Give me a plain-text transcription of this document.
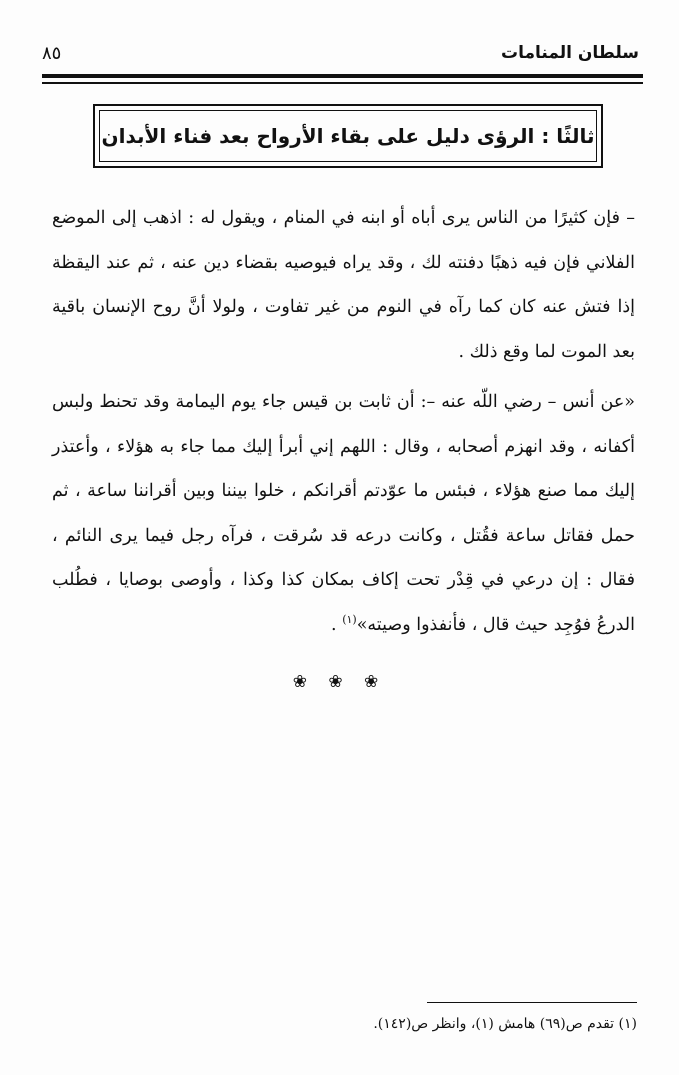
سلطان المنامات
٨٥
ثالثًا : الرؤى دليل على بقاء الأرواح بعد فناء الأبدان

– فإن كثيرًا من الناس يرى أباه أو ابنه في المنام ، ويقول له : اذهب إلى الموضع الفلاني فإن فيه ذهبًا دفنته لك ، وقد يراه فيوصيه بقضاء دين عنه ، ثم عند اليقظة إذا فتش عنه كان كما رآه في النوم من غير تفاوت ، ولولا أنَّ روح الإنسان باقية بعد الموت لما وقع ذلك .

«عن أنس – رضي اللّه عنه –: أن ثابت بن قيس جاء يوم اليمامة وقد تحنط ولبس أكفانه ، وقد انهزم أصحابه ، وقال : اللهم إني أبرأ إليك مما جاء به هؤلاء ، وأعتذر إليك مما صنع هؤلاء ، فبئس ما عوّدتم أقرانكم ، خلوا بيننا وبين أقراننا ساعة ، ثم حمل فقاتل ساعة فقُتل ، وكانت درعه قد سُرقت ، فرآه رجل فيما يرى النائم ، فقال : إن درعي في قِدْر تحت إكاف بمكان كذا وكذا ، وأوصى بوصايا ، فطُلب الدرعُ فوُجِد حيث قال ، فأنفذوا وصيته»$^{(١)}$ .

❀ ❀ ❀
(١) تقدم ص(٦٩) هامش (١)، وانظر ص(١٤٢).
